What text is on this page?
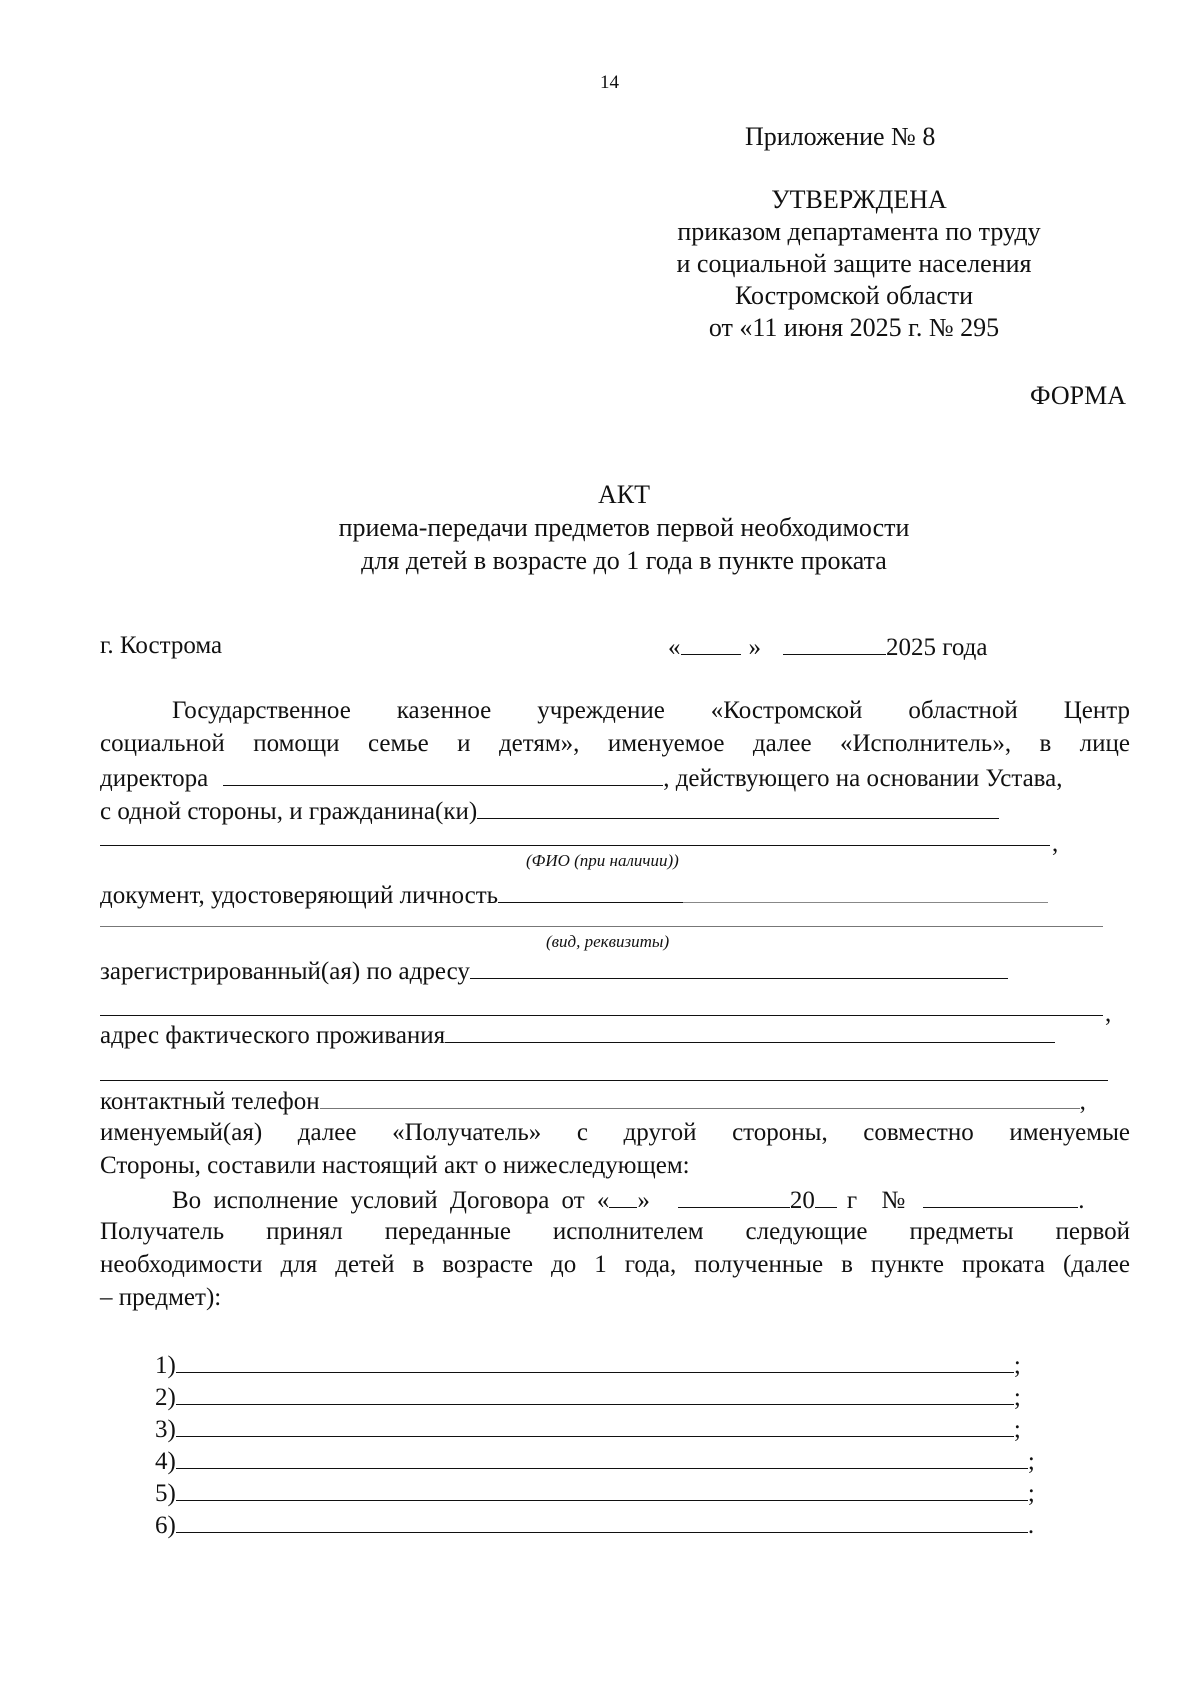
14
Приложение № 8
УТВЕРЖДЕНА
приказом департамента по труду
и социальной защите населения
Костромской области
от «11 июня 2025 г. № 295
ФОРМА
АКТ
приема-передачи предметов первой необходимости
для детей в возрасте до 1 года в пункте проката
г. Кострома	«	»	2025 года
Государственное казенное учреждение «Костромской областной Центр
социальной помощи семье и детям», именуемое далее «Исполнитель», в лице
директора	, действующего на основании Устава,
с одной стороны, и гражданина(ки)
,
(ФИО (при наличии))
документ, удостоверяющий личность
(вид, реквизиты)
зарегистрированный(ая) по адресу
,
адрес фактического проживания
контактный телефон	,
именуемый(ая) далее «Получатель» с другой стороны, совместно именуемые
Стороны, составили настоящий акт о нижеследующем:
Во исполнение условий Договора от « »	20 г №	.
Получатель принял переданные исполнителем следующие предметы первой
необходимости для детей в возрасте до 1 года, полученные в пункте проката (далее
– предмет):
1)	;
2)	;
3)	;
4)	;
5)	;
6)	.
